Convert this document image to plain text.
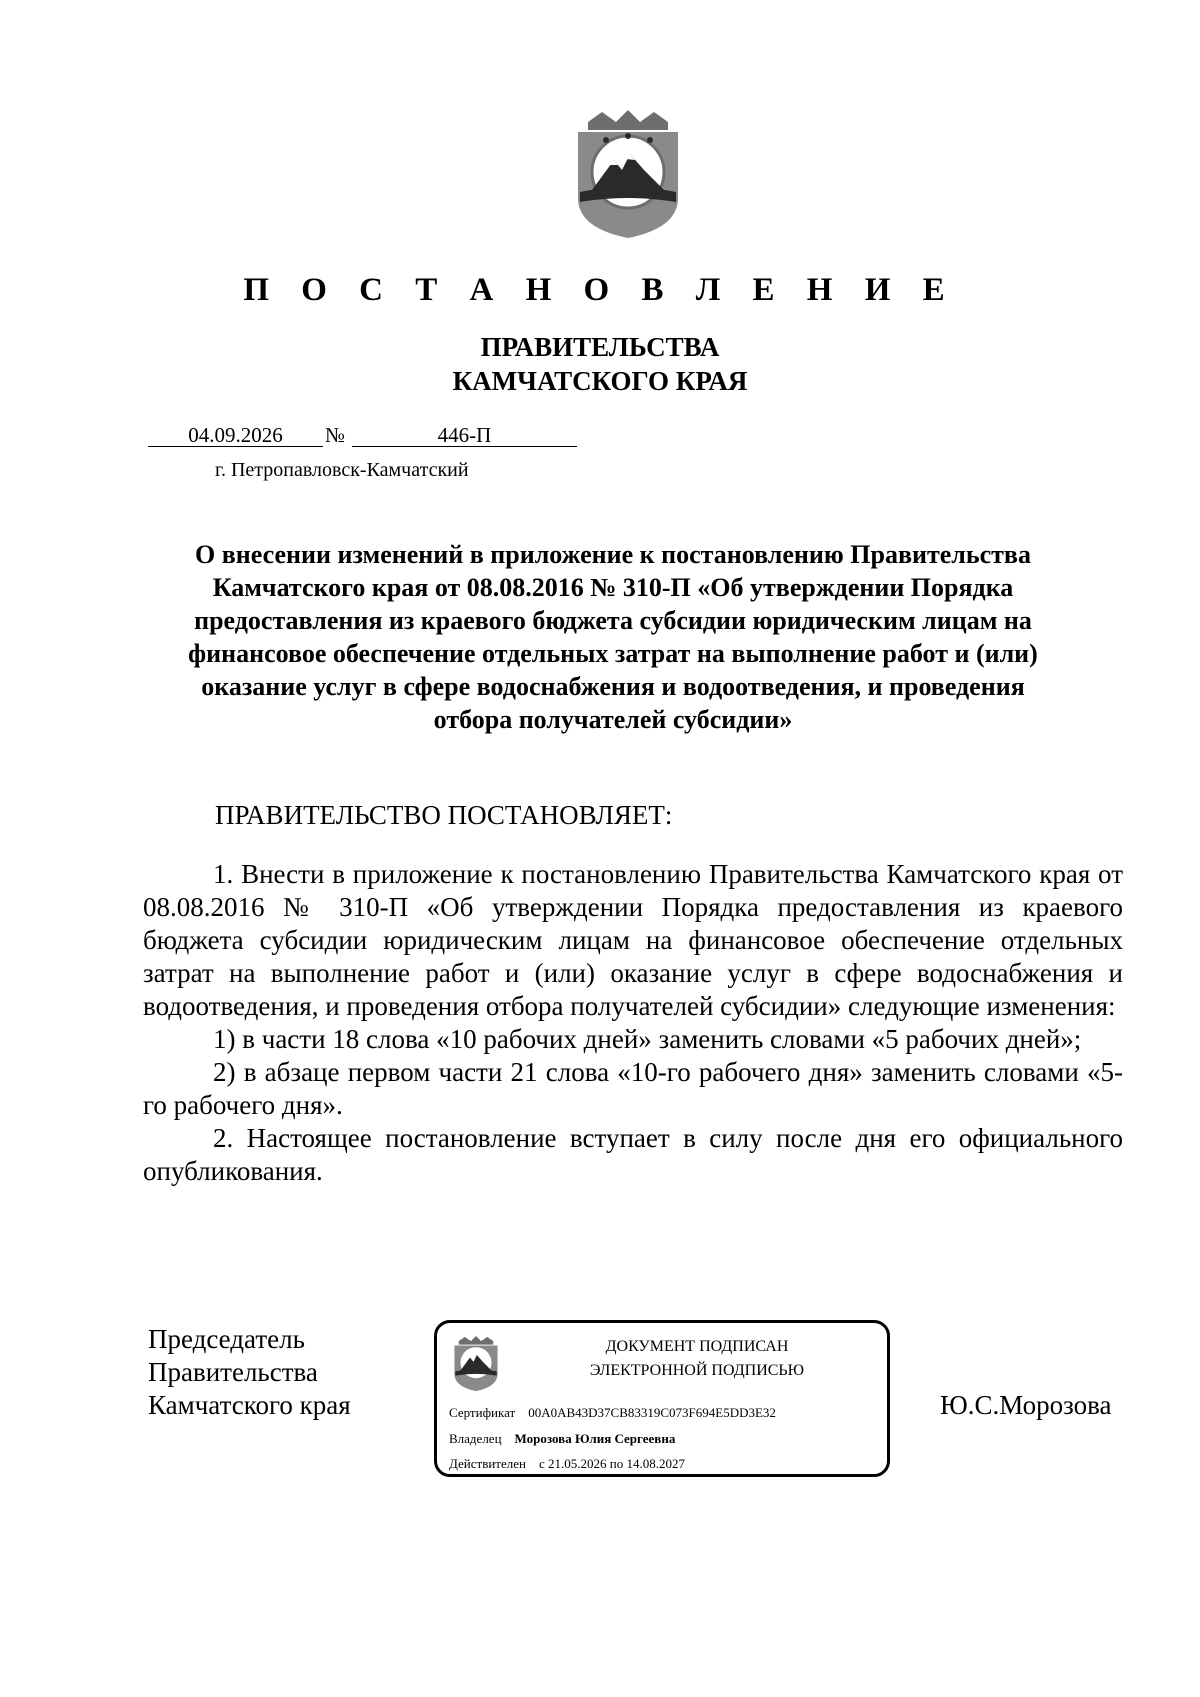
П О С Т А Н О В Л Е Н И Е
ПРАВИТЕЛЬСТВА
КАМЧАТСКОГО КРАЯ
04.09.2026	№	446-П
г. Петропавловск-Камчатский
О внесении изменений в приложение к постановлению Правительства
Камчатского края от 08.08.2016 № 310-П «Об утверждении Порядка
предоставления из краевого бюджета субсидии юридическим лицам на
финансовое обеспечение отдельных затрат на выполнение работ и (или)
оказание услуг в сфере водоснабжения и водоотведения, и проведения
отбора получателей субсидии»
ПРАВИТЕЛЬСТВО ПОСТАНОВЛЯЕТ:

1. Внести в приложение к постановлению Правительства Камчатского края от 08.08.2016 № 310-П «Об утверждении Порядка предоставления из краевого бюджета субсидии юридическим лицам на финансовое обеспечение отдельных затрат на выполнение работ и (или) оказание услуг в сфере водоснабжения и водоотведения, и проведения отбора получателей субсидии» следующие изменения:

1) в части 18 слова «10 рабочих дней» заменить словами «5 рабочих дней»;

2) в абзаце первом части 21 слова «10-го рабочего дня» заменить словами «5-го рабочего дня».

2. Настоящее постановление вступает в силу после дня его официального опубликования.

Председатель
Правительства
Камчатского края
ДОКУМЕНТ ПОДПИСАН
ЭЛЕКТРОННОЙ ПОДПИСЬЮ
Сертификат 00A0AB43D37CB83319C073F694E5DD3E32
Владелец Морозова Юлия Сергеевна
Действителен с 21.05.2026 по 14.08.2027
Ю.С.Морозова
